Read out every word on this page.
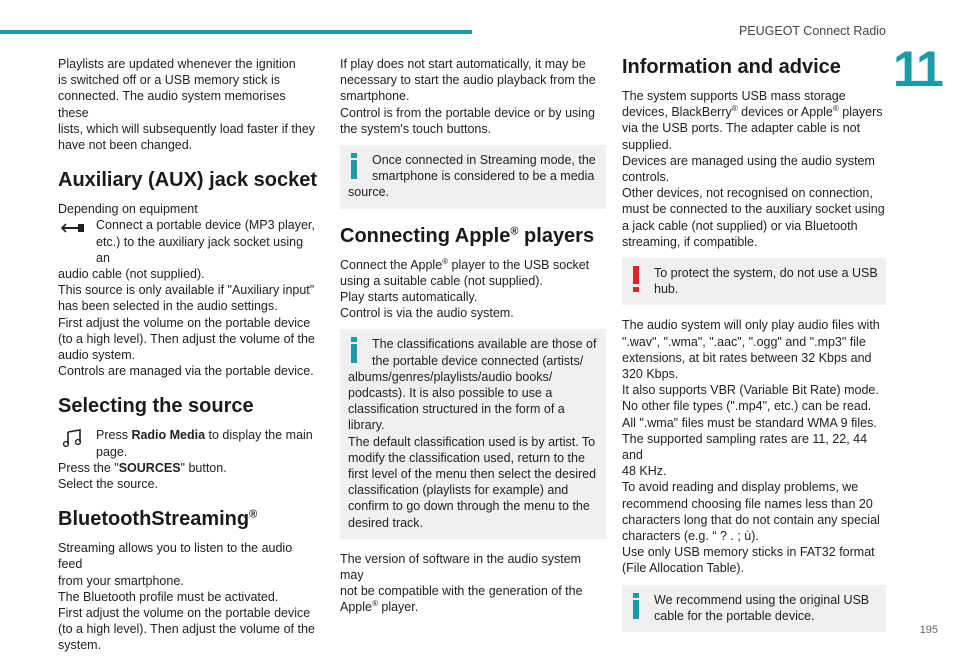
PEUGEOT Connect Radio
11
195

Playlists are updated whenever the ignition
is switched off or a USB memory stick is
connected. The audio system memorises these
lists, which will subsequently load faster if they
have not been changed.

Auxiliary (AUX) jack socket

Depending on equipment

Connect a portable device (MP3 player,
etc.) to the auxiliary jack socket using an

audio cable (not supplied).
This source is only available if "Auxiliary input"
has been selected in the audio settings.
First adjust the volume on the portable device
(to a high level). Then adjust the volume of the
audio system.
Controls are managed via the portable device.

Selecting the source
Press Radio Media to display the main
page.

Press the "SOURCES" button.
Select the source.

BluetoothStreaming®

Streaming allows you to listen to the audio feed
from your smartphone.
The Bluetooth profile must be activated.
First adjust the volume on the portable device
(to a high level). Then adjust the volume of the
system.

If play does not start automatically, it may be
necessary to start the audio playback from the
smartphone.
Control is from the portable device or by using
the system's touch buttons.

Once connected in Streaming mode, the
smartphone is considered to be a media
source.
Connecting Apple® players

Connect the Apple® player to the USB socket
using a suitable cable (not supplied).
Play starts automatically.
Control is via the audio system.

The classifications available are those of
the portable device connected (artists/
albums/genres/playlists/audio books/
podcasts). It is also possible to use a
classification structured in the form of a
library.
The default classification used is by artist. To
modify the classification used, return to the
first level of the menu then select the desired
classification (playlists for example) and
confirm to go down through the menu to the
desired track.

The version of software in the audio system may
not be compatible with the generation of the
Apple® player.

Information and advice

The system supports USB mass storage
devices, BlackBerry® devices or Apple® players
via the USB ports. The adapter cable is not
supplied.
Devices are managed using the audio system
controls.
Other devices, not recognised on connection,
must be connected to the auxiliary socket using
a jack cable (not supplied) or via Bluetooth
streaming, if compatible.

To protect the system, do not use a USB
hub.

The audio system will only play audio files with
".wav", ".wma", ".aac", ".ogg" and ".mp3" file
extensions, at bit rates between 32 Kbps and
320 Kbps.
It also supports VBR (Variable Bit Rate) mode.
No other file types (".mp4", etc.) can be read.
All ".wma" files must be standard WMA 9 files.
The supported sampling rates are 11, 22, 44 and
48 KHz.
To avoid reading and display problems, we
recommend choosing file names less than 20
characters long that do not contain any special
characters (e.g. “ ? . ; ù).
Use only USB memory sticks in FAT32 format
(File Allocation Table).

We recommend using the original USB
cable for the portable device.
